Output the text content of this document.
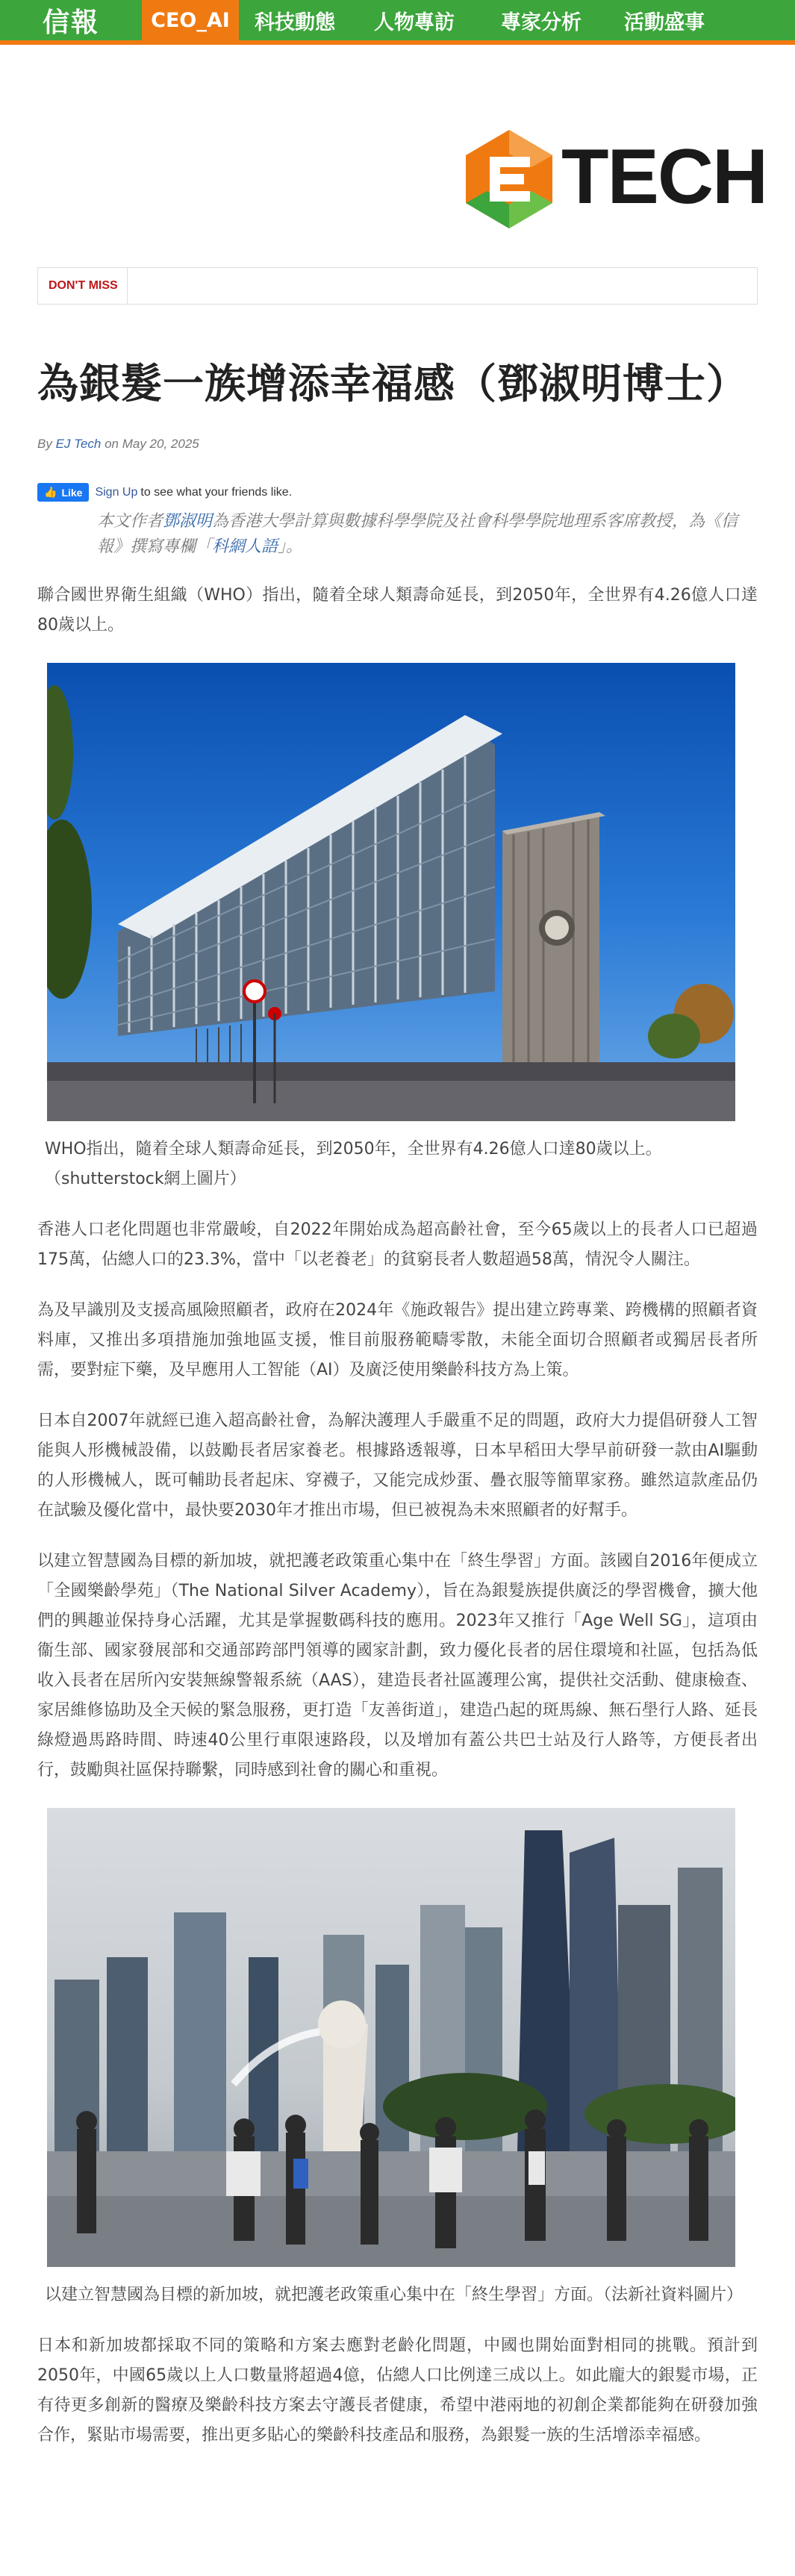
信報	CEO_AI	科技動態	人物專訪	專家分析	活動盛事
TECH
DON'T MISS
為銀髮一族增添幸福感（鄧淑明博士）
By EJ Tech on May 20, 2025
👍 Like Sign Up to see what your friends like.
本文作者鄧淑明為香港大學計算與數據科學學院及社會科學學院地理系客席教授，為《信報》撰寫專欄「科網人語」。

聯合國世界衛生組織（WHO）指出，隨着全球人類壽命延長，到2050年，全世界有4.26億人口達80歲以上。

WHO指出，隨着全球人類壽命延長，到2050年，全世界有4.26億人口達80歲以上。（shutterstock網上圖片）

香港人口老化問題也非常嚴峻，自2022年開始成為超高齡社會，至今65歲以上的長者人口已超過175萬，佔總人口的23.3%，當中「以老養老」的貧窮長者人數超過58萬，情況令人關注。

為及早識別及支援高風險照顧者，政府在2024年《施政報告》提出建立跨專業、跨機構的照顧者資料庫，又推出多項措施加強地區支援，惟目前服務範疇零散，未能全面切合照顧者或獨居長者所需，要對症下藥，及早應用人工智能（AI）及廣泛使用樂齡科技方為上策。

日本自2007年就經已進入超高齡社會，為解決護理人手嚴重不足的問題，政府大力提倡研發人工智能與人形機械設備，以鼓勵長者居家養老。根據路透報導，日本早稻田大學早前研發一款由AI驅動的人形機械人，既可輔助長者起床、穿襪子，又能完成炒蛋、疊衣服等簡單家務。雖然這款產品仍在試驗及優化當中，最快要2030年才推出市場，但已被視為未來照顧者的好幫手。

以建立智慧國為目標的新加坡，就把護老政策重心集中在「終生學習」方面。該國自2016年便成立「全國樂齡學苑」（The National Silver Academy），旨在為銀髮族提供廣泛的學習機會，擴大他們的興趣並保持身心活躍，尤其是掌握數碼科技的應用。2023年又推行「Age Well SG」，這項由衞生部、國家發展部和交通部跨部門領導的國家計劃，致力優化長者的居住環境和社區，包括為低收入長者在居所內安裝無線警報系統（AAS），建造長者社區護理公寓，提供社交活動、健康檢查、家居維修協助及全天候的緊急服務，更打造「友善街道」，建造凸起的斑馬線、無石壆行人路、延長綠燈過馬路時間、時速40公里行車限速路段，以及增加有蓋公共巴士站及行人路等，方便長者出行，鼓勵與社區保持聯繫，同時感到社會的關心和重視。

以建立智慧國為目標的新加坡，就把護老政策重心集中在「終生學習」方面。（法新社資料圖片）

日本和新加坡都採取不同的策略和方案去應對老齡化問題，中國也開始面對相同的挑戰。預計到2050年，中國65歲以上人口數量將超過4億，佔總人口比例達三成以上。如此龐大的銀髮市場，正有待更多創新的醫療及樂齡科技方案去守護長者健康，希望中港兩地的初創企業都能夠在研發加強合作，緊貼市場需要，推出更多貼心的樂齡科技產品和服務，為銀髮一族的生活增添幸福感。
